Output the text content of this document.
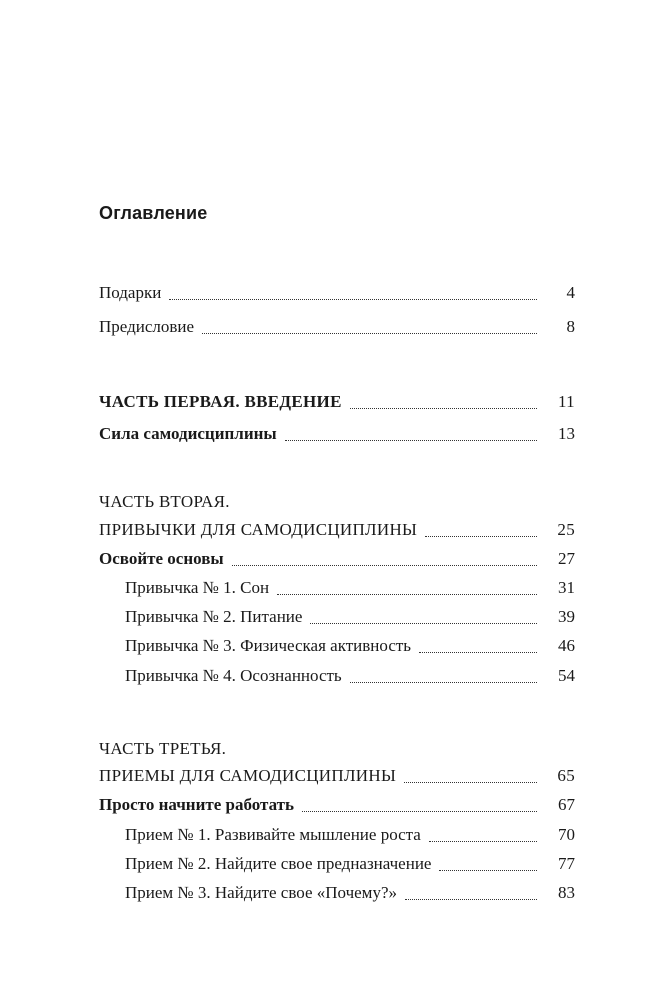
Оглавление
Подарки	4
Предисловие	8
ЧАСТЬ ПЕРВАЯ. ВВЕДЕНИЕ	11
Сила самодисциплины	13
ЧАСТЬ ВТОРАЯ.
ПРИВЫЧКИ ДЛЯ САМОДИСЦИПЛИНЫ	25
Освойте основы	27
Привычка № 1. Сон	31
Привычка № 2. Питание	39
Привычка № 3. Физическая активность	46
Привычка № 4. Осознанность	54
ЧАСТЬ ТРЕТЬЯ.
ПРИЕМЫ ДЛЯ САМОДИСЦИПЛИНЫ	65
Просто начните работать	67
Прием № 1. Развивайте мышление роста	70
Прием № 2. Найдите свое предназначение	77
Прием № 3. Найдите свое «Почему?»	83
